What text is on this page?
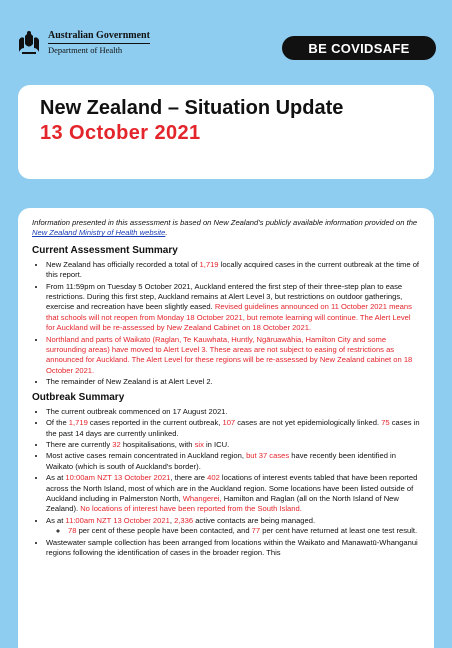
Australian Government
Department of Health	BE COVIDSAFE
New Zealand – Situation Update
13 October 2021

Information presented in this assessment is based on New Zealand's publicly available information provided on the New Zealand Ministry of Health website.

Current Assessment Summary
• New Zealand has officially recorded a total of 1,719 locally acquired cases in the current outbreak at the time of this report.
• From 11:59pm on Tuesday 5 October 2021, Auckland entered the first step of their three-step plan to ease restrictions. During this first step, Auckland remains at Alert Level 3, but restrictions on outdoor gatherings, exercise and recreation have been slightly eased. Revised guidelines announced on 11 October 2021 means that schools will not reopen from Monday 18 October 2021, but remote learning will continue. The Alert Level for Auckland will be re-assessed by New Zealand Cabinet on 18 October 2021.
• Northland and parts of Waikato (Raglan, Te Kauwhata, Huntly, Ngāruawāhia, Hamilton City and some surrounding areas) have moved to Alert Level 3. These areas are not subject to easing of restrictions as announced for Auckland. The Alert Level for these regions will be re-assessed by New Zealand cabinet on 18 October 2021.
• The remainder of New Zealand is at Alert Level 2.
Outbreak Summary
• The current outbreak commenced on 17 August 2021.
• Of the 1,719 cases reported in the current outbreak, 107 cases are not yet epidemiologically linked. 75 cases in the past 14 days are currently unlinked.
• There are currently 32 hospitalisations, with six in ICU.
• Most active cases remain concentrated in Auckland region, but 37 cases have recently been identified in Waikato (which is south of Auckland's border).
• As at 10:00am NZT 13 October 2021, there are 402 locations of interest events tabled that have been reported across the North Island, most of which are in the Auckland region. Some locations have been listed outside of Auckland including in Palmerston North, Whangerei, Hamilton and Raglan (all on the North Island of New Zealand). No locations of interest have been reported from the South Island.
• As at 11:00am NZT 13 October 2021, 2,336 active contacts are being managed.
◦ 78 per cent of these people have been contacted, and 77 per cent have returned at least one test result.
• Wastewater sample collection has been arranged from locations within the Waikato and Manawatū-Whanganui regions following the identification of cases in the broader region. This
